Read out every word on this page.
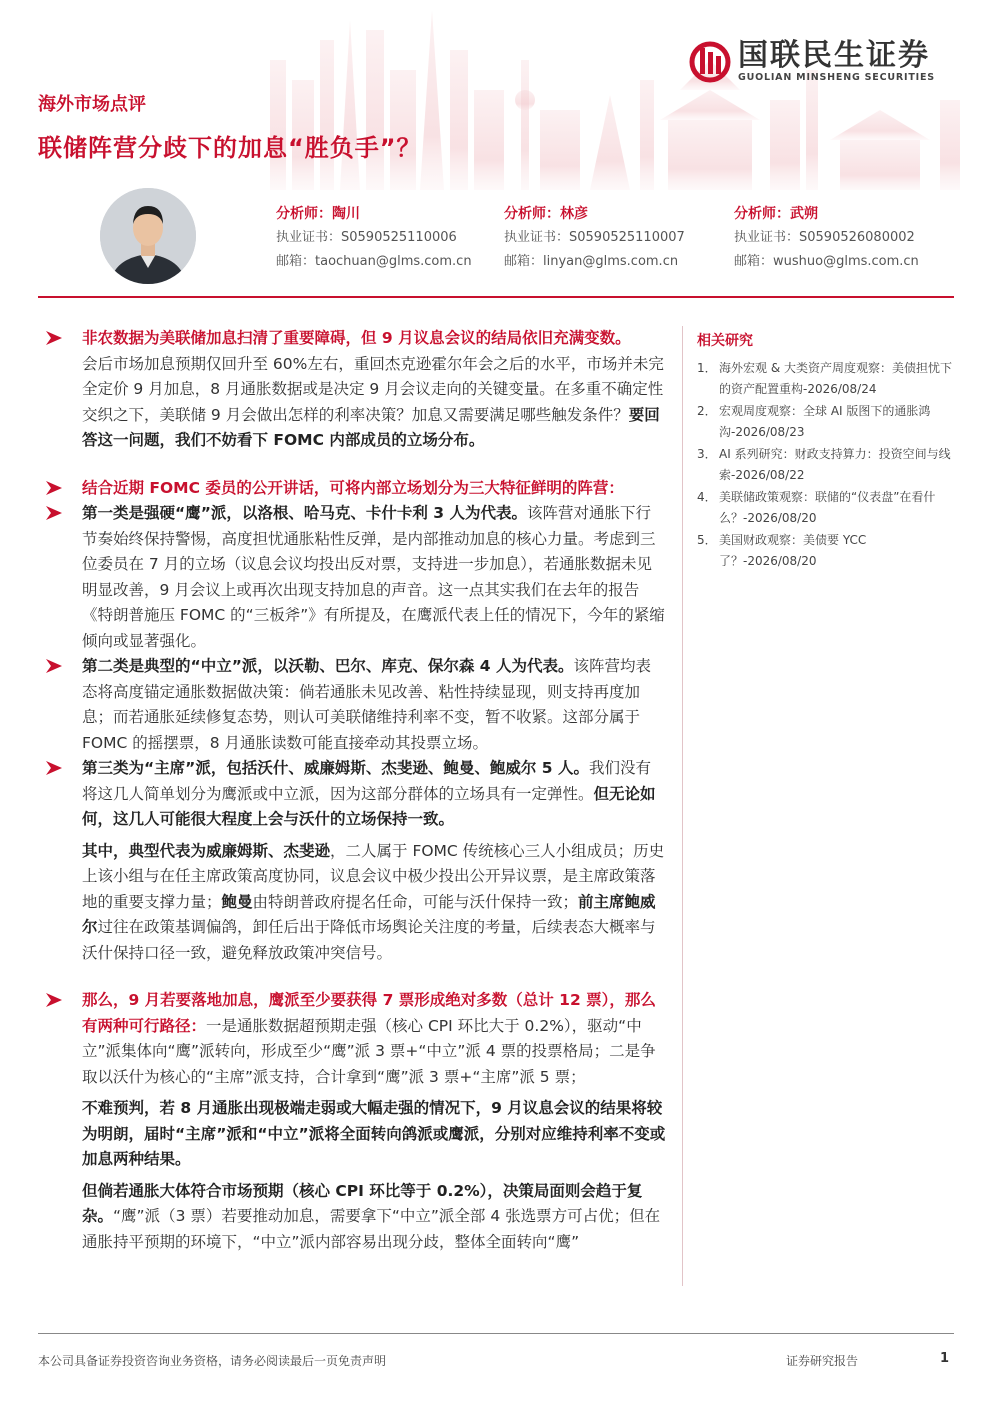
国联民生证券
GUOLIAN MINSHENG SECURITIES
海外市场点评
联储阵营分歧下的加息“胜负手”？
分析师：陶川
执业证书：S0590525110006
邮箱：taochuan@glms.com.cn
分析师：林彦
执业证书：S0590525110007
邮箱：linyan@glms.com.cn
分析师：武朔
执业证书：S0590526080002
邮箱：wushuo@glms.com.cn
非农数据为美联储加息扫清了重要障碍，但 9 月议息会议的结局依旧充满变数。
会后市场加息预期仅回升至 60%左右，重回杰克逊霍尔年会之后的水平，市场并未完全定价 9 月加息，8 月通胀数据或是决定 9 月会议走向的关键变量。在多重不确定性交织之下，美联储 9 月会做出怎样的利率决策？加息又需要满足哪些触发条件？要回答这一问题，我们不妨看下 FOMC 内部成员的立场分布。
结合近期 FOMC 委员的公开讲话，可将内部立场划分为三大特征鲜明的阵营：
第一类是强硬“鹰”派，以洛根、哈马克、卡什卡利 3 人为代表。该阵营对通胀下行节奏始终保持警惕，高度担忧通胀粘性反弹，是内部推动加息的核心力量。考虑到三位委员在 7 月的立场（议息会议均投出反对票，支持进一步加息），若通胀数据未见明显改善，9 月会议上或再次出现支持加息的声音。这一点其实我们在去年的报告《特朗普施压 FOMC 的“三板斧”》有所提及，在鹰派代表上任的情况下，今年的紧缩倾向或显著强化。
第二类是典型的“中立”派，以沃勒、巴尔、库克、保尔森 4 人为代表。该阵营均表态将高度锚定通胀数据做决策：倘若通胀未见改善、粘性持续显现，则支持再度加息；而若通胀延续修复态势，则认可美联储维持利率不变，暂不收紧。这部分属于 FOMC 的摇摆票，8 月通胀读数可能直接牵动其投票立场。
第三类为“主席”派，包括沃什、威廉姆斯、杰斐逊、鲍曼、鲍威尔 5 人。我们没有将这几人简单划分为鹰派或中立派，因为这部分群体的立场具有一定弹性。但无论如何，这几人可能很大程度上会与沃什的立场保持一致。
其中，典型代表为威廉姆斯、杰斐逊，二人属于 FOMC 传统核心三人小组成员；历史上该小组与在任主席政策高度协同，议息会议中极少投出公开异议票，是主席政策落地的重要支撑力量；鲍曼由特朗普政府提名任命，可能与沃什保持一致；前主席鲍威尔过往在政策基调偏鸽，卸任后出于降低市场舆论关注度的考量，后续表态大概率与沃什保持口径一致，避免释放政策冲突信号。
那么，9 月若要落地加息，鹰派至少要获得 7 票形成绝对多数（总计 12 票），那么有两种可行路径：一是通胀数据超预期走强（核心 CPI 环比大于 0.2%），驱动“中立”派集体向“鹰”派转向，形成至少“鹰”派 3 票+“中立”派 4 票的投票格局；二是争取以沃什为核心的“主席”派支持，合计拿到“鹰”派 3 票+“主席”派 5 票；
不难预判，若 8 月通胀出现极端走弱或大幅走强的情况下，9 月议息会议的结果将较为明朗，届时“主席”派和“中立”派将全面转向鸽派或鹰派，分别对应维持利率不变或加息两种结果。
但倘若通胀大体符合市场预期（核心 CPI 环比等于 0.2%），决策局面则会趋于复杂。“鹰”派（3 票）若要推动加息，需要拿下“中立”派全部 4 张选票方可占优；但在通胀持平预期的环境下，“中立”派内部容易出现分歧，整体全面转向“鹰”
相关研究
1． 海外宏观 & 大类资产周度观察：美债担忧下的资产配置重构-2026/08/24
2． 宏观周度观察：全球 AI 版图下的通胀鸿沟-2026/08/23
3． AI 系列研究：财政支持算力：投资空间与线索-2026/08/22
4． 美联储政策观察：联储的“仪表盘”在看什么？-2026/08/20
5． 美国财政观察：美债要 YCC 了？-2026/08/20
本公司具备证券投资咨询业务资格，请务必阅读最后一页免责声明	证券研究报告	1
